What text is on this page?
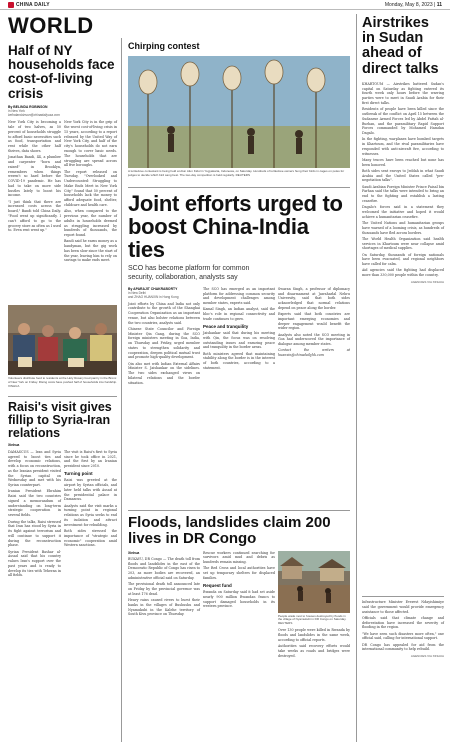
CHINA DAILY	Monday, May 8, 2023 | 11
WORLD
Half of NY households face cost-of-living crisis
By BELINDA ROBINSON
in New York
belindarobinson@chinadailyusa.com

New York City is becoming a tale of two halves, as 50 percent of households struggle to afford basic necessities such as food, transportation and rent while the other half thrives, data shows.

Jonathan Bandi, 44, a plumber and carpenter "born and raised" in Brooklyn, remembers when things weren't so hard before the COVID-19 pandemic. He has had to take on more side hustles lately to boost his income.

"I just think that there are increased costs across the board," Bandi told China Daily. "Food went up significantly. I can't afford to go to the grocery store as often as I used to. Even rent went up."

New York City is in the grip of the worst cost-of-living crisis in 15 years, according to a report released by the United Way of New York City, and half of the city's households do not earn enough to cover basic needs. The households that are struggling are spread across all five boroughs.

The report released on Tuesday, "Overlooked and Undercounted: Struggling to Make Ends Meet in New York City," found that 50 percent of households lack the money to afford adequate food, shelter, childcare and health care.

Also, when compared to the previous year, the number of adults in households deemed as struggling increased by hundreds of thousands, the report found.

Bandi said he earns money as a handyman, but the gig work has been slow since the start of the year, leaving him to rely on savings to make ends meet.

Volunteers distribute food to residents at the Holy Rosary food pantry in the Bronx of New York on Friday. Rising costs have pushed half of households into hardship. XINHUA
Raisi's visit gives fillip to Syria-Iran relations
Xinhua

DAMASCUS — Iran and Syria agreed to boost ties and develop economic relations, with a focus on reconstruction, as the Iranian president visited the Syrian capital on Wednesday and met with his Syrian counterpart.

Iranian President Ebrahim Raisi said the two countries signed a memorandum of understanding on long-term strategic cooperation in several fields.

During the talks, Raisi stressed that Iran has stood by Syria in its fight against terrorism and will continue to support it during the reconstruction phase.

Syrian President Bashar al-Assad said that his country values Iran's support over the past years and is ready to develop its ties with Teheran in all fields.

The visit is Raisi's first to Syria since he took office in 2021, and the first by an Iranian president since 2010.

Turning point

Raisi was greeted at the airport by Syrian officials, and later held talks with Assad at the presidential palace in Damascus.

Analysts said the visit marks a turning point in regional relations as Syria seeks to end its isolation and attract investment for rebuilding.

Both sides stressed the importance of "strategic and economic" cooperation amid Western sanctions.

Chirping contest
A turtledove contestant is being held at Alun Alun Kidul in Yogyakarta, Indonesia, on Saturday. Hundreds of turtledove owners hung their birds in cages on poles for judges to decide which bird sang best. The two-day competition is held regularly. REUTERS
Joint efforts urged to boost China-India ties
SCO has become platform for common security, collaboration, analysts say
By APARAJIT CHAKRABORTY
in New Delhi
and ZHAO HUANXIN in Hong Kong

Joint efforts by China and India not only contribute to the growth of the Shanghai Cooperation Organization as an important venue, but also bolster relations between the two countries, analysts said.

Chinese State Councilor and Foreign Minister Qin Gang, during the SCO foreign ministers meeting in Goa, India, on Thursday and Friday, urged member states to strengthen solidarity and cooperation, deepen political mutual trust and promote high-quality development.

Qin also met with Indian External Affairs Minister S. Jaishankar on the sidelines. The two sides exchanged views on bilateral relations and the border situation.

The SCO has emerged as an important platform for addressing common security and development challenges among member states, experts said.

Kamal Singh, an Indian analyst, said the bloc's role in regional connectivity and trade continues to grow.

Peace and tranquility

Jaishankar said that during his meeting with Qin, the focus was on resolving outstanding issues and ensuring peace and tranquility in the border areas.

Both ministers agreed that maintaining stability along the border is in the interest of both countries, according to a statement.

Swaran Singh, a professor of diplomacy and disarmament at Jawaharlal Nehru University, said that both sides acknowledged that normal relations depend on peace along the border.

Experts said that both countries are important emerging economies and deeper engagement would benefit the wider region.

Analysts also noted the SCO meeting in Goa had underscored the importance of dialogue among member states.

Contact the writers at huanxin@chinadailyhk.com

Floods, landslides claim 200 lives in DR Congo
Xinhua

BUKAVU, DR Congo — The death toll from floods and landslides in the east of the Democratic Republic of Congo has risen to 203, as more bodies are recovered, an administrative official said on Saturday.

The provisional death toll announced late on Friday by the provincial governor was at least 176 dead.

Heavy rains caused rivers to burst their banks in the villages of Bushushu and Nyamukubi in the Kalehe territory of South Kivu province on Thursday.

Rescue workers continued searching for survivors amid mud and debris as hundreds remain missing.

The Red Cross and local authorities have set up temporary shelters for displaced families.

Request fund

Rwanda on Saturday said it had set aside nearly 900 million Rwandan francs to support damaged households in its western province.

People wade next to houses destroyed by floods in the village of Nyamukubi in DR Congo on Saturday. REUTERS

Over 130 people were killed in Rwanda by floods and landslides in the same week, according to official reports.

Authorities said recovery efforts would take weeks as roads and bridges were destroyed.

Airstrikes in Sudan ahead of direct talks

KHARTOUM — Airstrikes battered Sudan's capital on Saturday as fighting entered its fourth week only hours before the warring parties were to meet in Saudi Arabia for their first direct talks.

Residents of people have been killed since the outbreak of the conflict on April 15 between the Sudanese Armed Forces led by Abdel Fattah al-Burhan, and the paramilitary Rapid Support Forces commanded by Mohamed Hamdan Dagalo.

In the fighting, warplanes have bombed targets in Khartoum, and the rival paramilitaries have responded with anti-aircraft fire, according to witnesses.

Many truces have been reached but none has been honored.

Both sides sent envoys to Jeddah in what Saudi Arabia and the United States called "pre-negotiation talks".

Saudi Arabian Foreign Minister Prince Faisal bin Farhan said the talks were intended to bring an end to the fighting and establish a lasting ceasefire.

Dagalo's forces said in a statement they welcomed the initiative and hoped it would achieve a humanitarian ceasefire.

The United Nations and humanitarian groups have warned of a looming crisis, as hundreds of thousands have fled across borders.

The World Health Organization said health services in Khartoum were near collapse amid shortages of medical supplies.

On Saturday, thousands of foreign nationals have been evacuated, and regional neighbors have called for calm.

Aid agencies said the fighting had displaced more than 330,000 people within the country.

AGENCIES VIA XINHUA

Infrastructure Minister Everest Ndayishimiye said the government would provide emergency assistance to those affected.

Officials said that climate change and deforestation have increased the severity of flooding in the region.

"We have seen such disasters more often," one official said, calling for international support.

DR Congo has appealed for aid from the international community to help rebuild.

AGENCIES VIA XINHUA
